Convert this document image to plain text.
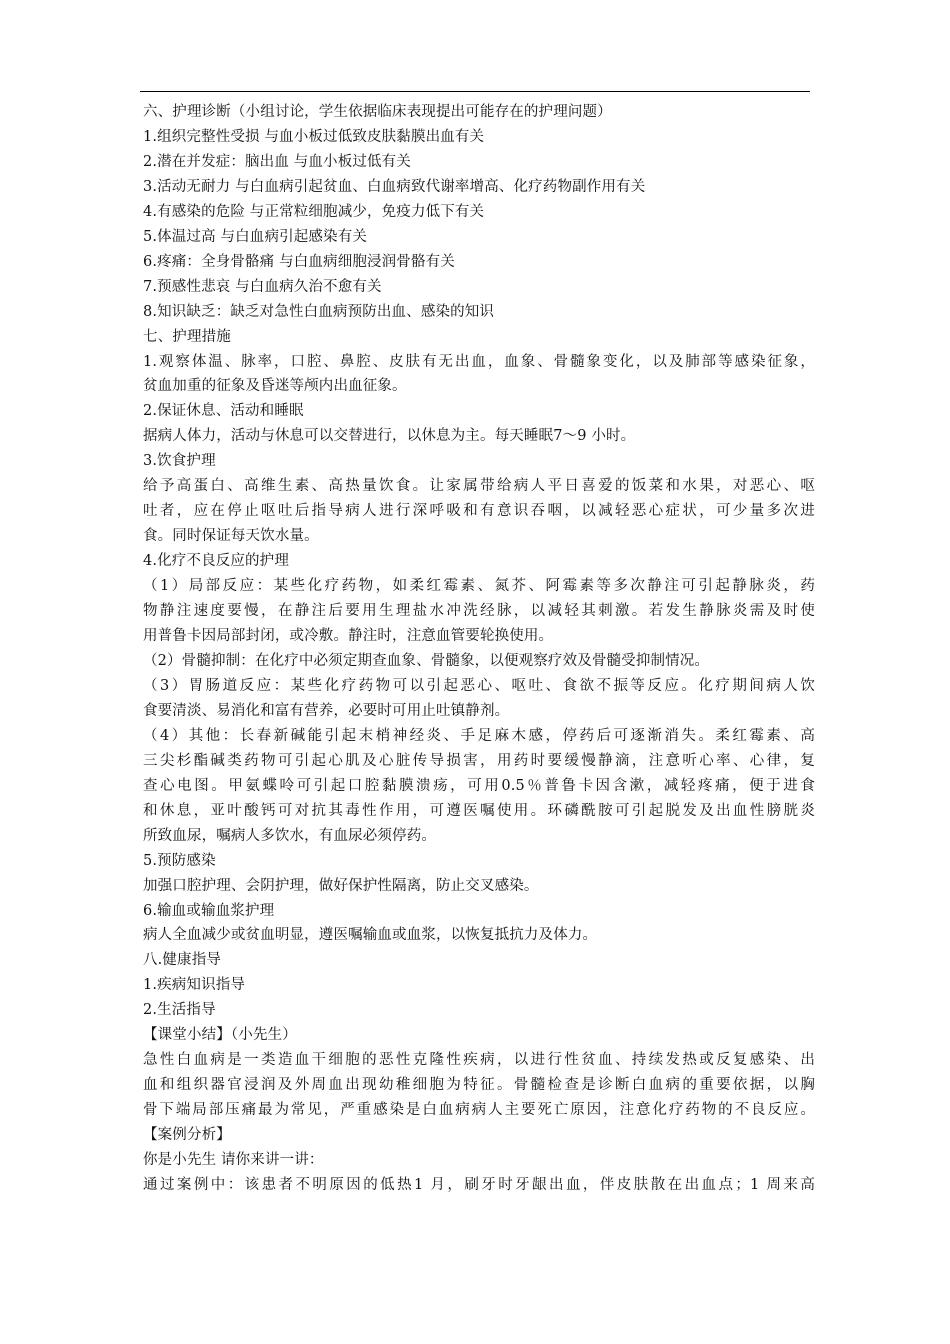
六、护理诊断（小组讨论，学生依据临床表现提出可能存在的护理问题）

1.组织完整性受损 与血小板过低致皮肤黏膜出血有关

2.潜在并发症：脑出血 与血小板过低有关

3.活动无耐力 与白血病引起贫血、白血病致代谢率增高、化疗药物副作用有关

4.有感染的危险 与正常粒细胞减少，免疫力低下有关

5.体温过高 与白血病引起感染有关

6.疼痛：全身骨骼痛 与白血病细胞浸润骨骼有关

7.预感性悲哀 与白血病久治不愈有关

8.知识缺乏：缺乏对急性白血病预防出血、感染的知识

七、护理措施

1.观察体温、脉率，口腔、鼻腔、皮肤有无出血，血象、骨髓象变化，以及肺部等感染征象，

贫血加重的征象及昏迷等颅内出血征象。

2.保证休息、活动和睡眠

据病人体力，活动与休息可以交替进行，以休息为主。每天睡眠7～9 小时。

3.饮食护理

给予高蛋白、高维生素、高热量饮食。让家属带给病人平日喜爱的饭菜和水果，对恶心、呕

吐者，应在停止呕吐后指导病人进行深呼吸和有意识吞咽，以减轻恶心症状，可少量多次进

食。同时保证每天饮水量。

4.化疗不良反应的护理

（1）局部反应：某些化疗药物，如柔红霉素、氮芥、阿霉素等多次静注可引起静脉炎，药

物静注速度要慢，在静注后要用生理盐水冲洗经脉，以减轻其刺激。若发生静脉炎需及时使

用普鲁卡因局部封闭，或冷敷。静注时，注意血管要轮换使用。

（2）骨髓抑制：在化疗中必须定期查血象、骨髓象，以便观察疗效及骨髓受抑制情况。

（3）胃肠道反应：某些化疗药物可以引起恶心、呕吐、食欲不振等反应。化疗期间病人饮

食要清淡、易消化和富有营养，必要时可用止吐镇静剂。

（4）其他：长春新碱能引起末梢神经炎、手足麻木感，停药后可逐渐消失。柔红霉素、高

三尖杉酯碱类药物可引起心肌及心脏传导损害，用药时要缓慢静滴，注意听心率、心律，复

查心电图。甲氨蝶呤可引起口腔黏膜溃疡，可用0.5％普鲁卡因含漱，减轻疼痛，便于进食

和休息，亚叶酸钙可对抗其毒性作用，可遵医嘱使用。环磷酰胺可引起脱发及出血性膀胱炎

所致血尿，嘱病人多饮水，有血尿必须停药。

5.预防感染

加强口腔护理、会阴护理，做好保护性隔离，防止交叉感染。

6.输血或输血浆护理

病人全血减少或贫血明显，遵医嘱输血或血浆，以恢复抵抗力及体力。

八.健康指导

1.疾病知识指导

2.生活指导

【课堂小结】（小先生）

急性白血病是一类造血干细胞的恶性克隆性疾病，以进行性贫血、持续发热或反复感染、出

血和组织器官浸润及外周血出现幼稚细胞为特征。骨髓检查是诊断白血病的重要依据，以胸

骨下端局部压痛最为常见，严重感染是白血病病人主要死亡原因，注意化疗药物的不良反应。

【案例分析】

你是小先生 请你来讲一讲：

通过案例中：该患者不明原因的低热1 月，刷牙时牙龈出血，伴皮肤散在出血点；1 周来高
